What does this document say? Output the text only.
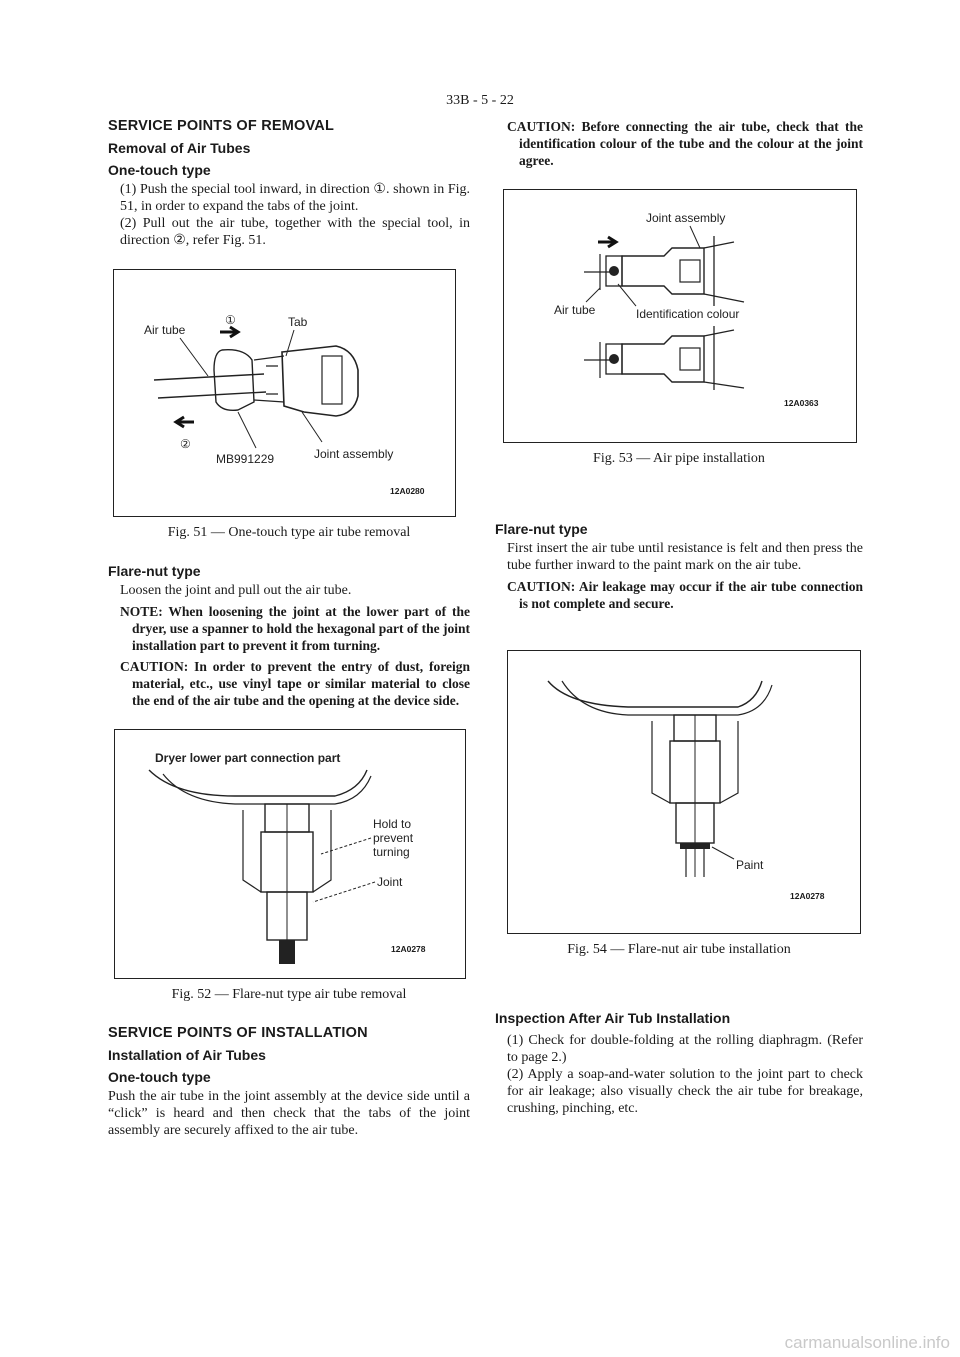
33B - 5 - 22
SERVICE POINTS OF REMOVAL
Removal of Air Tubes
One-touch type

(1) Push the special tool inward, in direction ①. shown in Fig. 51, in order to expand the tabs of the joint.

(2) Pull out the air tube, together with the special tool, in direction ②, refer Fig. 51.

Air tube
①	Tab
②
MB991229	Joint assembly
12A0280
Fig. 51 — One-touch type air tube removal
Flare-nut type

Loosen the joint and pull out the air tube.

NOTE: When loosening the joint at the lower part of the dryer, use a spanner to hold the hexagonal part of the joint installation part to prevent it from turning.

CAUTION: In order to prevent the entry of dust, foreign material, etc., use vinyl tape or similar material to close the end of the air tube and the opening at the device side.

Dryer lower part connection part
Hold to
prevent
turning
Joint
12A0278
Fig. 52 — Flare-nut type air tube removal
SERVICE POINTS OF INSTALLATION
Installation of Air Tubes
One-touch type

Push the air tube in the joint assembly at the device side until a “click” is heard and then check that the tabs of the joint assembly are securely affixed to the air tube.

CAUTION: Before connecting the air tube, check that the identification colour of the tube and the colour at the joint agree.

Joint assembly
Air tube	Identification colour
12A0363
Fig. 53 — Air pipe installation
Flare-nut type

First insert the air tube until resistance is felt and then press the tube further inward to the paint mark on the air tube.

CAUTION: Air leakage may occur if the air tube connection is not complete and secure.

Paint
12A0278
Fig. 54 — Flare-nut air tube installation
Inspection After Air Tub Installation

(1) Check for double-folding at the rolling diaphragm. (Refer to page 2.)

(2) Apply a soap-and-water solution to the joint part to check for air leakage; also visually check the air tube for breakage, crushing, pinching, etc.

carmanualsonline.info
